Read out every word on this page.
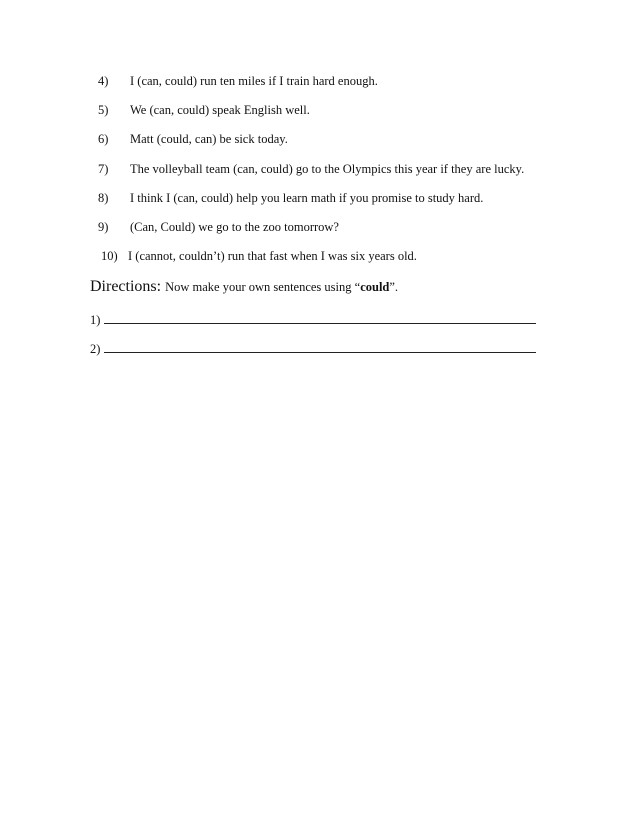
4)	I (can, could) run ten miles if I train hard enough.
5)	We (can, could) speak English well.
6)	Matt (could, can) be sick today.
7)	The volleyball team (can, could) go to the Olympics this year if they are lucky.
8)	I think I (can, could) help you learn math if you promise to study hard.
9)	(Can, Could) we go to the zoo tomorrow?
10) I (cannot, couldn’t) run that fast when I was six years old.
Directions: Now make your own sentences using “could”.
1)
2)
